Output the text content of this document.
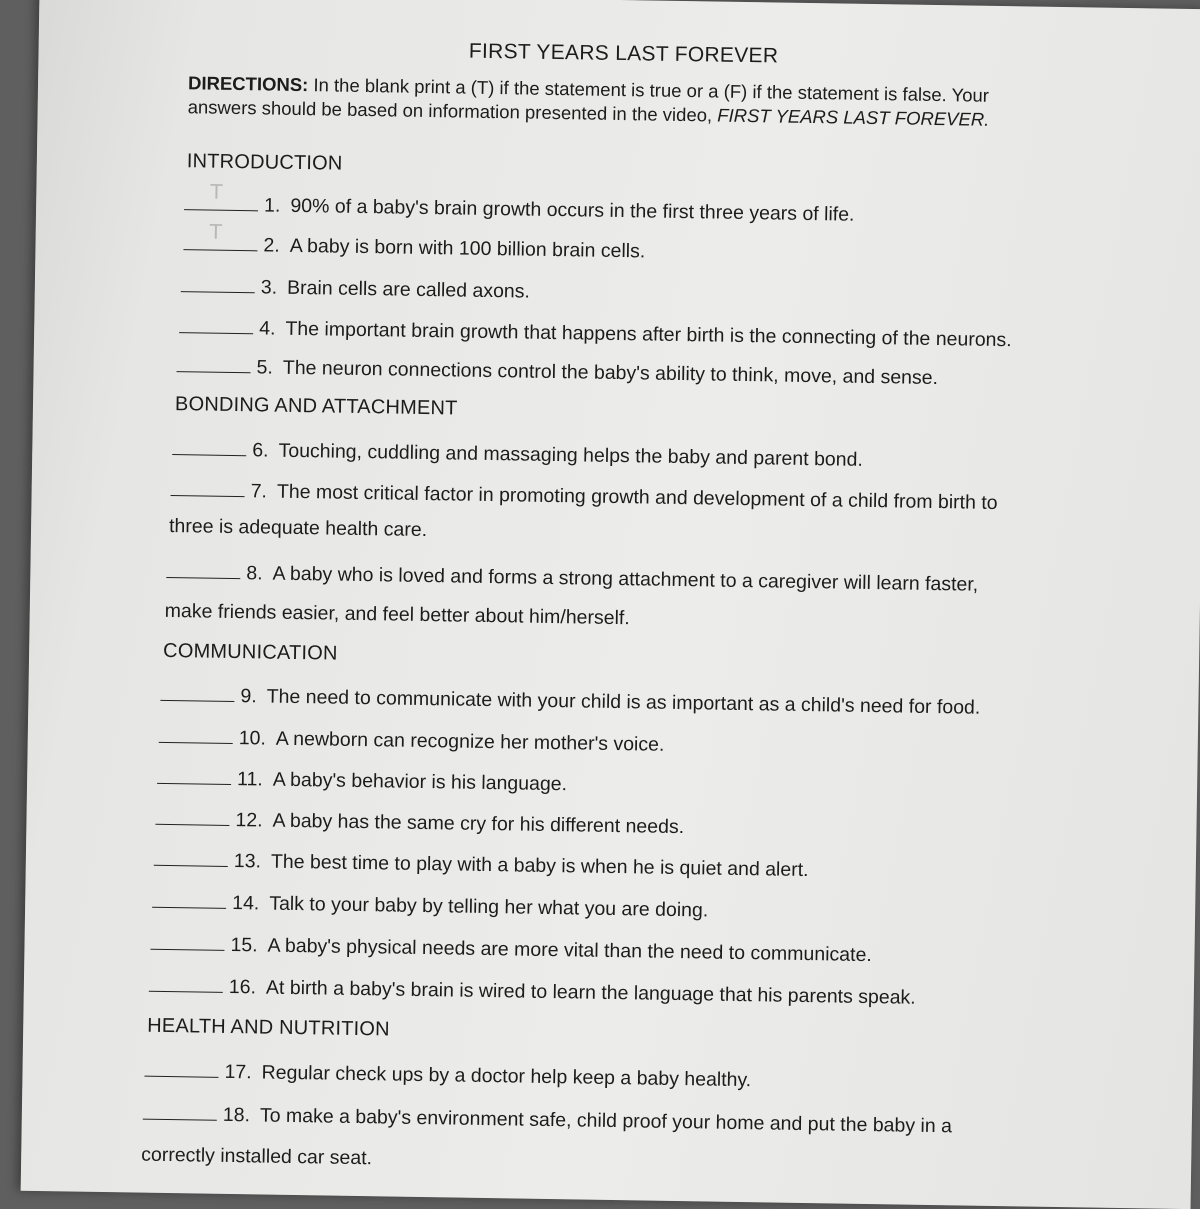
FIRST YEARS LAST FOREVER
DIRECTIONS: In the blank print a (T) if the statement is true or a (F) if the statement is false. Your answers should be based on information presented in the video, FIRST YEARS LAST FOREVER.
INTRODUCTION
T
1. 90% of a baby's brain growth occurs in the first three years of life.
T
2. A baby is born with 100 billion brain cells.
3. Brain cells are called axons.
4. The important brain growth that happens after birth is the connecting of the neurons.
5. The neuron connections control the baby's ability to think, move, and sense.
BONDING AND ATTACHMENT
6. Touching, cuddling and massaging helps the baby and parent bond.
7. The most critical factor in promoting growth and development of a child from birth to
three is adequate health care.
8. A baby who is loved and forms a strong attachment to a caregiver will learn faster,
make friends easier, and feel better about him/herself.
COMMUNICATION
9. The need to communicate with your child is as important as a child's need for food.
10. A newborn can recognize her mother's voice.
11. A baby's behavior is his language.
12. A baby has the same cry for his different needs.
13. The best time to play with a baby is when he is quiet and alert.
14. Talk to your baby by telling her what you are doing.
15. A baby's physical needs are more vital than the need to communicate.
16. At birth a baby's brain is wired to learn the language that his parents speak.
HEALTH AND NUTRITION
17. Regular check ups by a doctor help keep a baby healthy.
18. To make a baby's environment safe, child proof your home and put the baby in a
correctly installed car seat.
